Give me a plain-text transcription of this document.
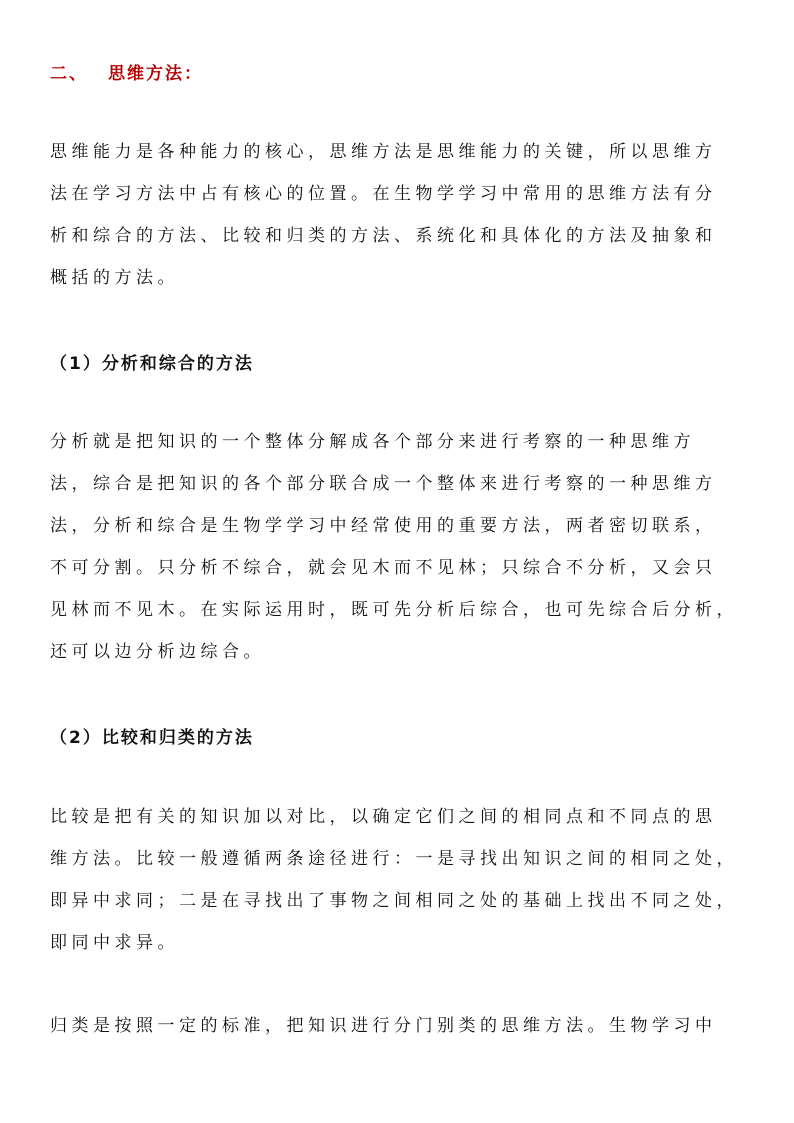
二、 思维方法：
思维能力是各种能力的核心，思维方法是思维能力的关键，所以思维方
法在学习方法中占有核心的位置。在生物学学习中常用的思维方法有分
析和综合的方法、比较和归类的方法、系统化和具体化的方法及抽象和
概括的方法。
（1）分析和综合的方法
分析就是把知识的一个整体分解成各个部分来进行考察的一种思维方
法，综合是把知识的各个部分联合成一个整体来进行考察的一种思维方
法，分析和综合是生物学学习中经常使用的重要方法，两者密切联系，
不可分割。只分析不综合，就会见木而不见林；只综合不分析，又会只
见林而不见木。在实际运用时，既可先分析后综合，也可先综合后分析，
还可以边分析边综合。
（2）比较和归类的方法
比较是把有关的知识加以对比，以确定它们之间的相同点和不同点的思
维方法。比较一般遵循两条途径进行：一是寻找出知识之间的相同之处，
即异中求同；二是在寻找出了事物之间相同之处的基础上找出不同之处，
即同中求异。
归类是按照一定的标准，把知识进行分门别类的思维方法。生物学习中
